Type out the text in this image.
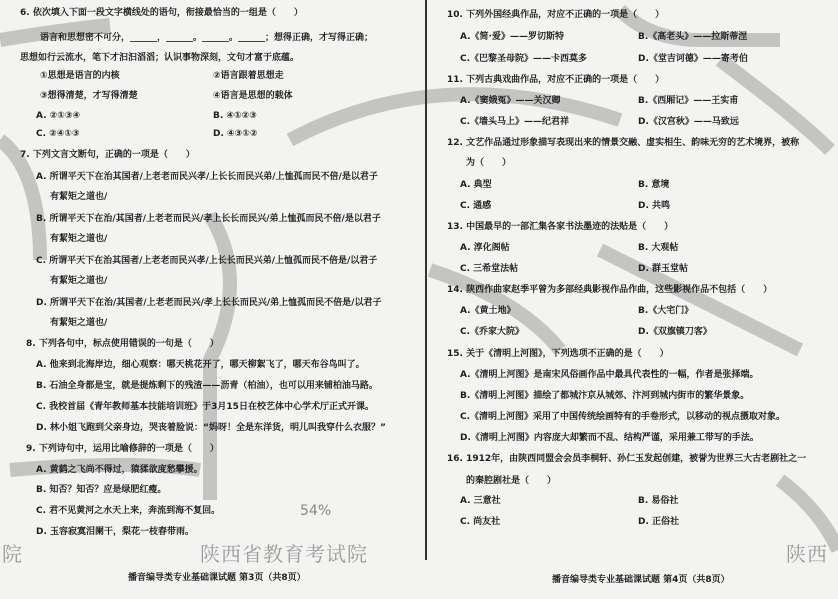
陕西省教育考试院
院	陕西
54%
6. 依次填入下面一段文字横线处的语句，衔接最恰当的一组是（　　）
语言和思想密不可分，______，______。______。______；想得正确，才写得正确；
思想如行云流水，笔下才汩汩滔滔；认识事物深刻，文句才富于底蕴。
①思想是语言的内核	②语言跟着思想走
③想得清楚，才写得清楚	④语言是思想的载体
A. ②①③④	B. ④①②③
C. ②④①③	D. ④③①②
7. 下列文言文断句，正确的一项是（　　）
A. 所谓平天下在治其国者/上老老而民兴孝/上长长而民兴弟/上恤孤而民不倍/是以君子
有絜矩之道也/
B. 所谓平天下在治/其国者/上老老而民兴/孝上长长而民兴/弟上恤孤而民不倍/是以君子
有絜矩之道也/
C. 所谓平天下在治其国者/上老老而民兴孝/上长长而民兴弟/上恤孤而民不倍是/以君子
有絜矩之道也/
D. 所谓平天下在治/其国者/上老老而民兴/孝上长长而民兴/弟上恤孤而民不倍是/以君子
有絜矩之道也/
8. 下列各句中，标点使用错误的一句是（　　）
A. 他来到北海岸边，细心观察：哪天桃花开了，哪天柳絮飞了，哪天布谷鸟叫了。
B. 石油全身都是宝，就是提炼剩下的残渣——沥青（柏油），也可以用来铺柏油马路。
C. 我校首届《青年教师基本技能培训班》于3月15日在校艺体中心学术厅正式开课。
D. 林小姐飞跑到父亲身边，哭丧着脸说：“妈呀！全是东洋货，明儿叫我穿什么衣服？”
9. 下列诗句中，运用比喻修辞的一项是（　　）
A. 黄鹤之飞尚不得过，猿猱欲度愁攀援。
B. 知否？知否？应是绿肥红瘦。
C. 君不见黄河之水天上来，奔流到海不复回。
D. 玉容寂寞泪阑干，梨花一枝春带雨。
播音编导类专业基础课试题 第3页（共8页）
10. 下列外国经典作品，对应不正确的一项是（　　）
A.《简·爱》——罗切斯特	B.《高老头》——拉斯蒂涅
C.《巴黎圣母院》——卡西莫多	D.《堂吉诃德》——寄考伯
11. 下列古典戏曲作品，对应不正确的一项是（　　）
A.《窦娥冤》——关汉卿	B.《西厢记》——王实甫
C.《墙头马上》——纪君祥	D.《汉宫秋》——马致远
12. 文艺作品通过形象描写表现出来的情景交融、虚实相生、韵味无穷的艺术境界，被称
为（　　）
A. 典型	B. 意境
C. 通感	D. 共鸣
13. 中国最早的一部汇集各家书法墨迹的法贴是（　　）
A. 淳化阁帖	B. 大观帖
C. 三希堂法帖	D. 群玉堂帖
14. 陕西作曲家赵季平曾为多部经典影视作品作曲，这些影视作品不包括（　　）
A.《黄土地》	B.《大宅门》
C.《乔家大院》	D.《双旗镇刀客》
15. 关于《清明上河图》，下列选项不正确的是（　　）
A.《清明上河图》是南宋风俗画作品中最具代表性的一幅，作者是张择端。
B.《清明上河图》描绘了都城汴京从城郊、汴河到城内街市的繁华景象。
C.《清明上河图》采用了中国传统绘画特有的手卷形式，以移动的视点摄取对象。
D.《清明上河图》内容庞大却繁而不乱、结构严谨，采用兼工带写的手法。
16. 1912年，由陕西同盟会会员李桐轩、孙仁玉发起创建，被誉为世界三大古老剧社之一
的秦腔剧社是（　　）
A. 三意社	B. 易俗社
C. 尚友社	D. 正俗社
播音编导类专业基础课试题 第4页（共8页）
